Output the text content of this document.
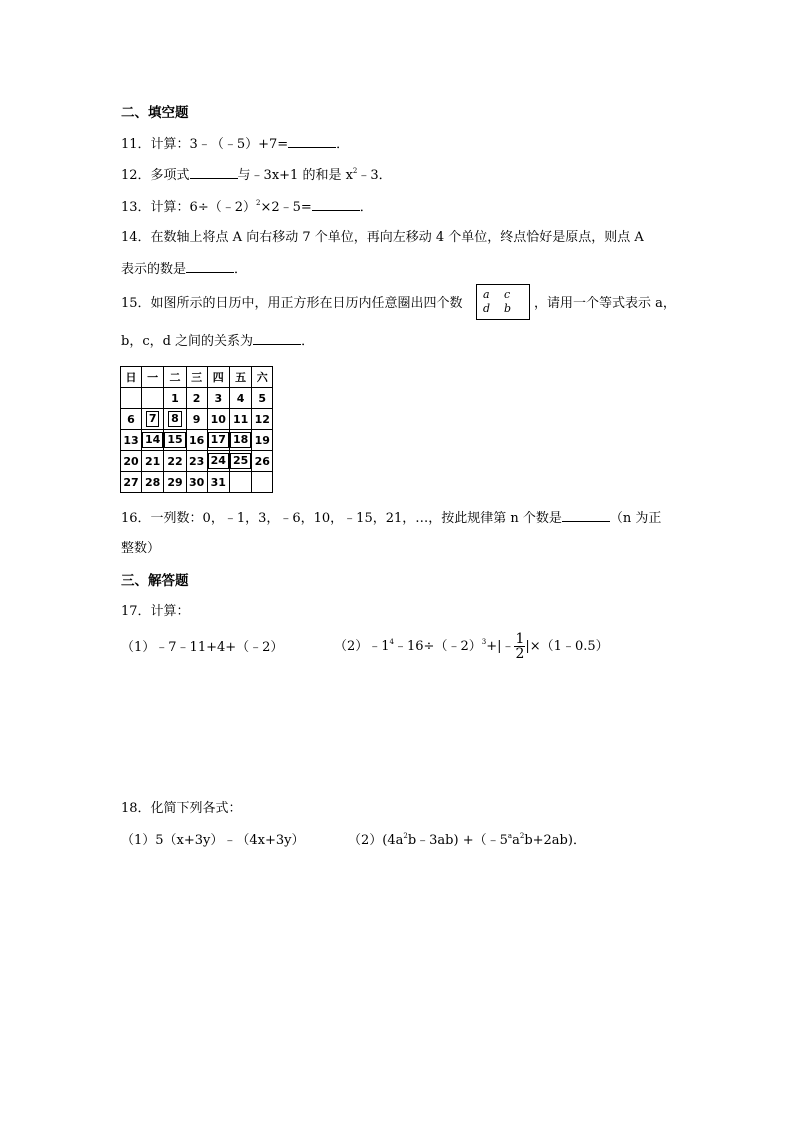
二、填空题
11．计算：3﹣（﹣5）+7=	．
12．多项式	与﹣3x+1 的和是 $x^2﹣3$．
13．计算：6÷（﹣2）$^2$×2﹣5=	．
14．在数轴上将点 A 向右移动 7 个单位，再向左移动 4 个单位，终点恰好是原点，则点 A
表示的数是	．
15．如图所示的日历中，用正方形在日历内任意圈出四个数
a c
d b ，请用一个等式表示 a，
b，c，d 之间的关系为	．
日	一	二	三	四	五	六
		1	2	3	4	5
6	7	8	9	10	11	12
13	14	15	16	17	18	19
20	21	22	23	24	25	26
27	28	29	30	31		
16．一列数：0，﹣1，3，﹣6，10，﹣15，21，…，按此规律第 n 个数是	（n 为正
整数）
三、解答题
17．计算：
（1）﹣7﹣11+4+（﹣2）	$(2)﹣1^4﹣16\div(﹣2)^3+|﹣ \frac{1}{2}$ |×（1﹣0.5）
18．化简下列各式：
（1）5（x+3y）﹣（4x+3y）	$(2)(4a^2b﹣3ab)$ $+(﹣5^aa^2b+2ab)$．
